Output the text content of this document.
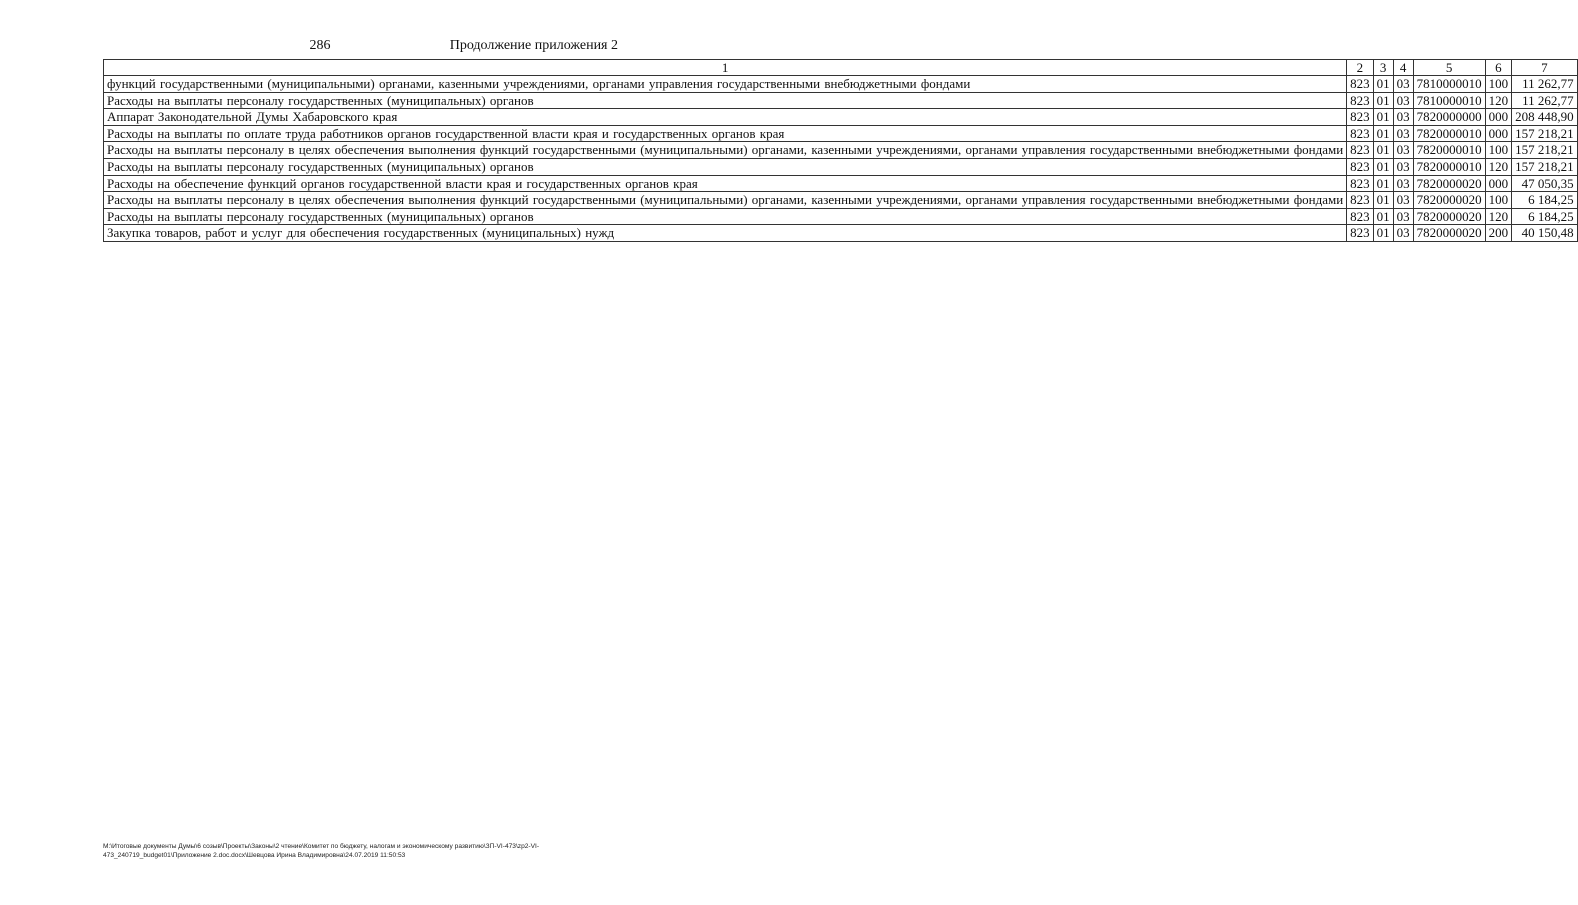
286	Продолжение приложения 2
1	2	3	4	5	6	7
функций государственными (муниципальными) органами, казенными учреждениями, органами управления государственными внебюджетными фондами	823	01	03	7810000010	100	11 262,77
Расходы на выплаты персоналу государственных (муниципальных) органов	823	01	03	7810000010	120	11 262,77
Аппарат Законодательной Думы Хабаровского края	823	01	03	7820000000	000	208 448,90
Расходы на выплаты по оплате труда работников органов государственной власти края и государственных органов края	823	01	03	7820000010	000	157 218,21
Расходы на выплаты персоналу в целях обеспечения выполнения функций государственными (муниципальными) органами, казенными учреждениями, органами управления государственными внебюджетными фондами	823	01	03	7820000010	100	157 218,21
Расходы на выплаты персоналу государственных (муниципальных) органов	823	01	03	7820000010	120	157 218,21
Расходы на обеспечение функций органов государственной власти края и государственных органов края	823	01	03	7820000020	000	47 050,35
Расходы на выплаты персоналу в целях обеспечения выполнения функций государственными (муниципальными) органами, казенными учреждениями, органами управления государственными внебюджетными фондами	823	01	03	7820000020	100	6 184,25
Расходы на выплаты персоналу государственных (муниципальных) органов	823	01	03	7820000020	120	6 184,25
Закупка товаров, работ и услуг для обеспечения государственных (муниципальных) нужд	823	01	03	7820000020	200	40 150,48
M:\Итоговые документы Думы\6 созыв\Проекты\Законы\2 чтение\Комитет по бюджету, налогам и экономическому развитию\ЗП-VI-473\zp2-VI-473_240719_budget01\Приложение 2.doc.docx\Шевцова Ирина Владимировна\24.07.2019 11:50:53
